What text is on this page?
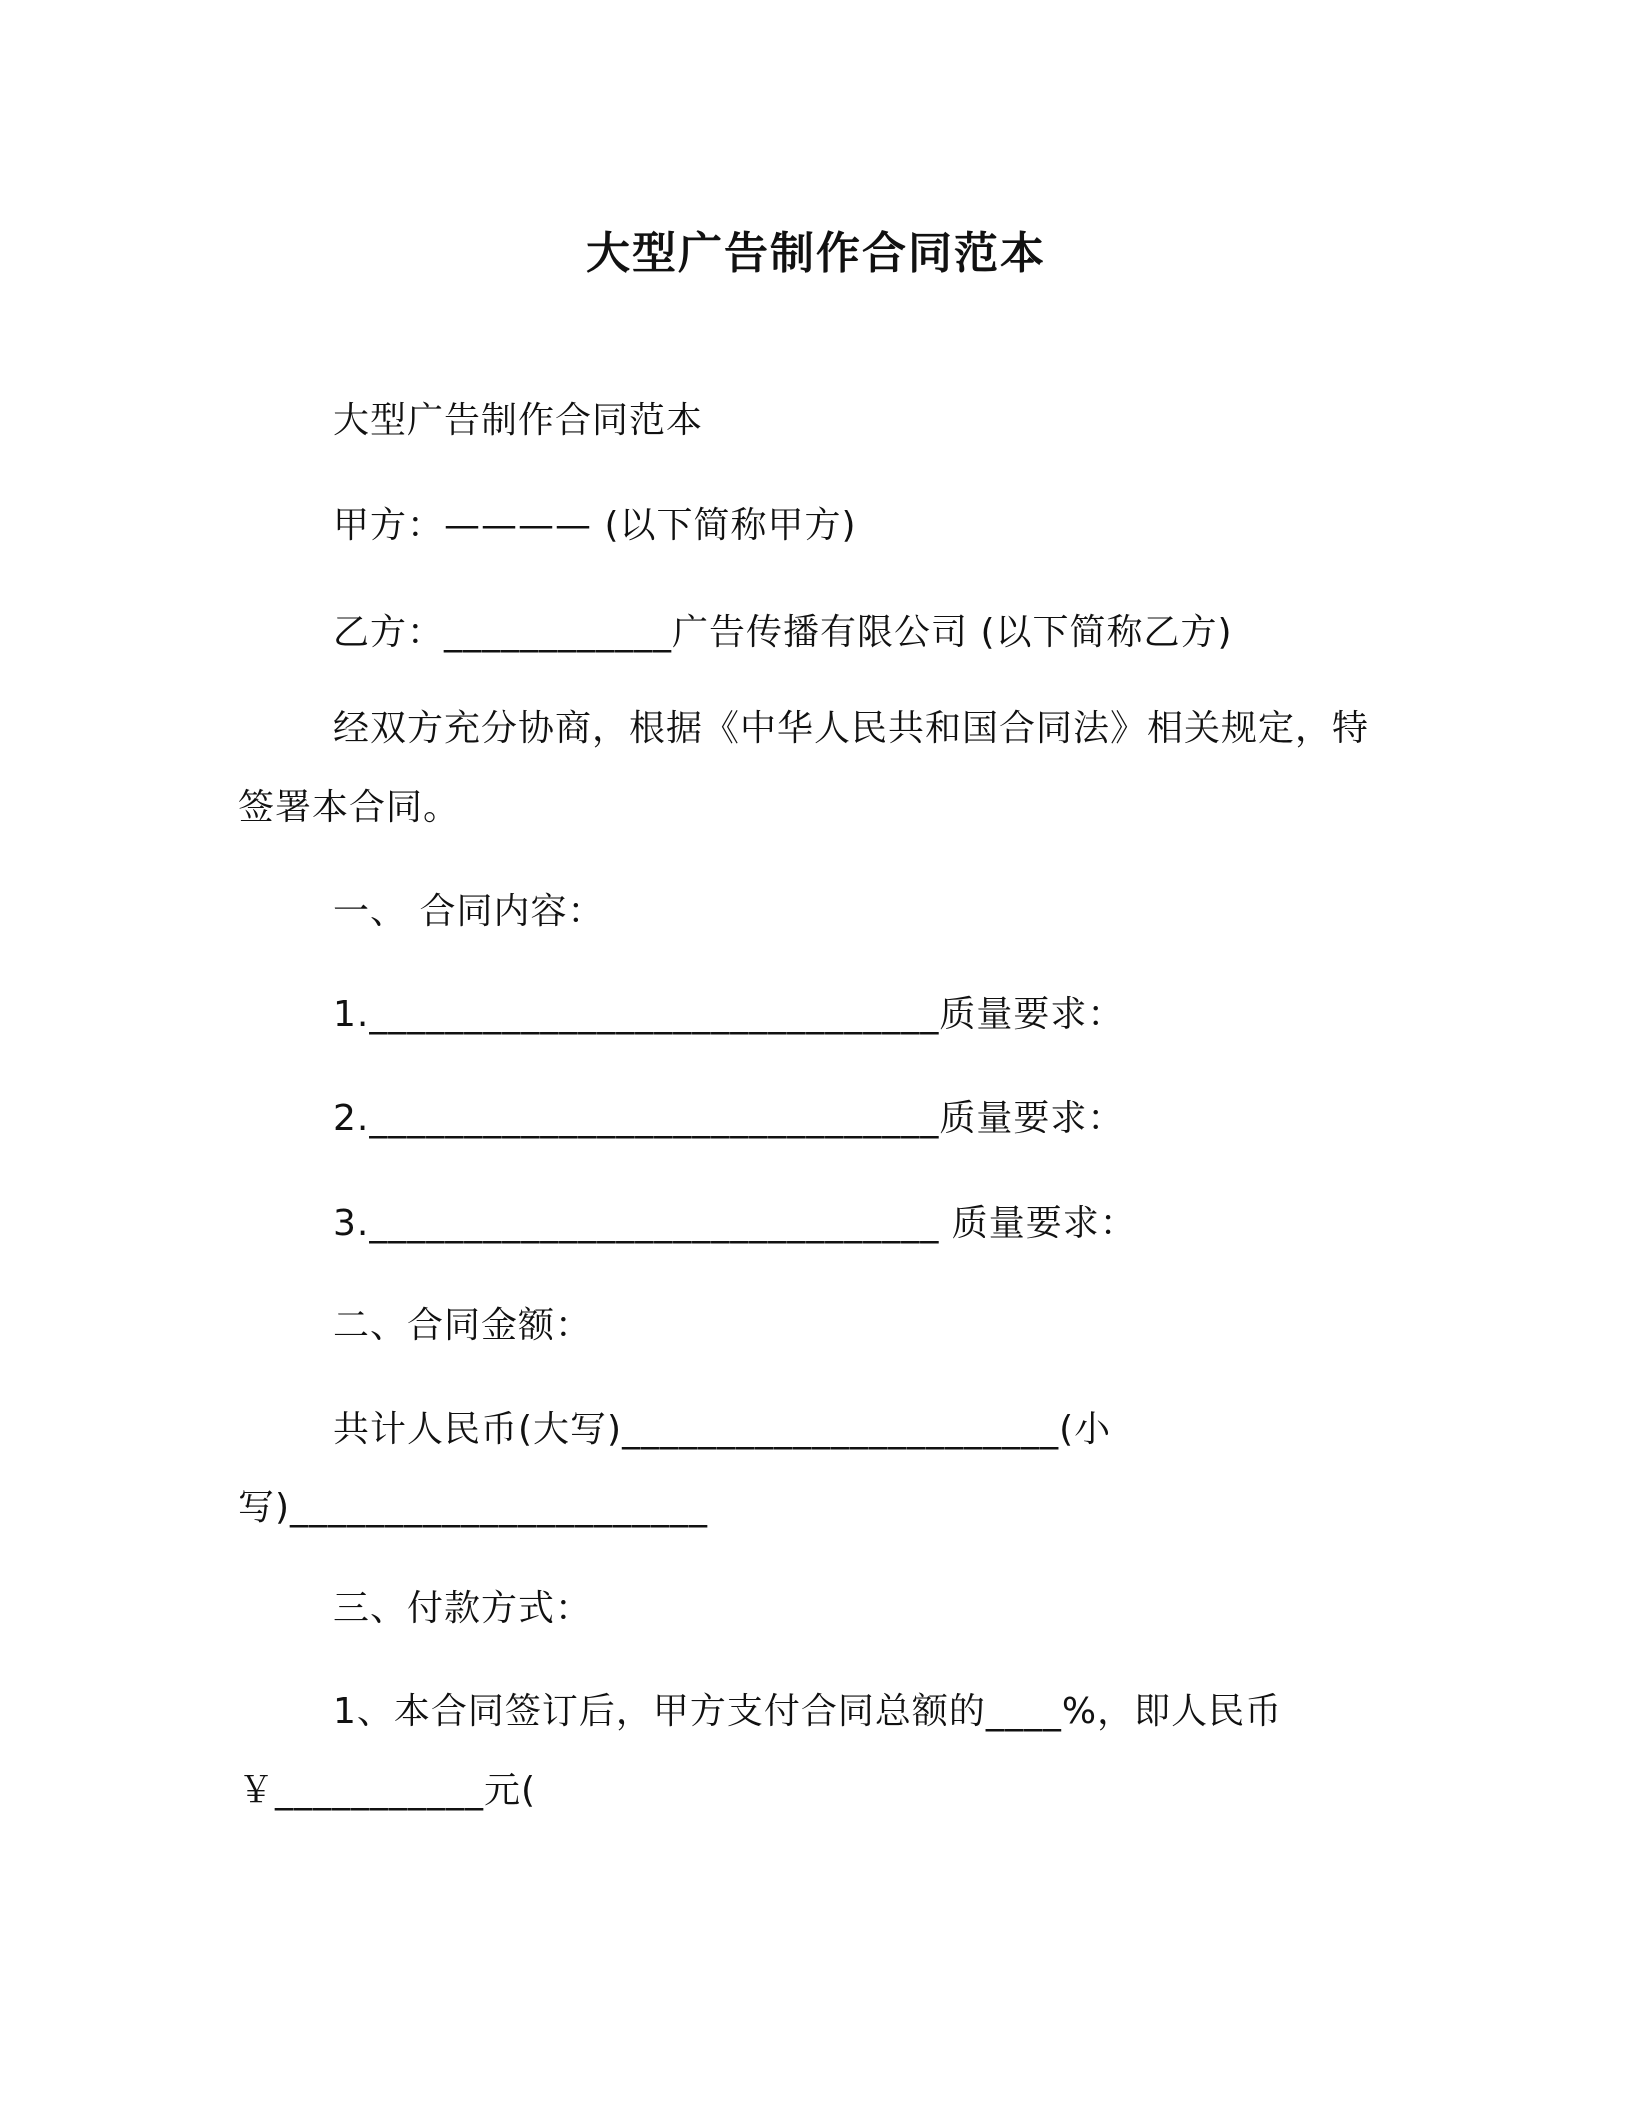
大型广告制作合同范本
大型广告制作合同范本
甲方：———— (以下简称甲方)
乙方：____________广告传播有限公司 (以下简称乙方)
经双方充分协商，根据《中华人民共和国合同法》相关规定，特
签署本合同。
一、 合同内容：
1.______________________________质量要求：
2.______________________________质量要求：
3.______________________________ 质量要求：
二、合同金额：
共计人民币(大写)_______________________(小
写)______________________
三、付款方式：
1、本合同签订后，甲方支付合同总额的____%，即人民币
￥___________元(
